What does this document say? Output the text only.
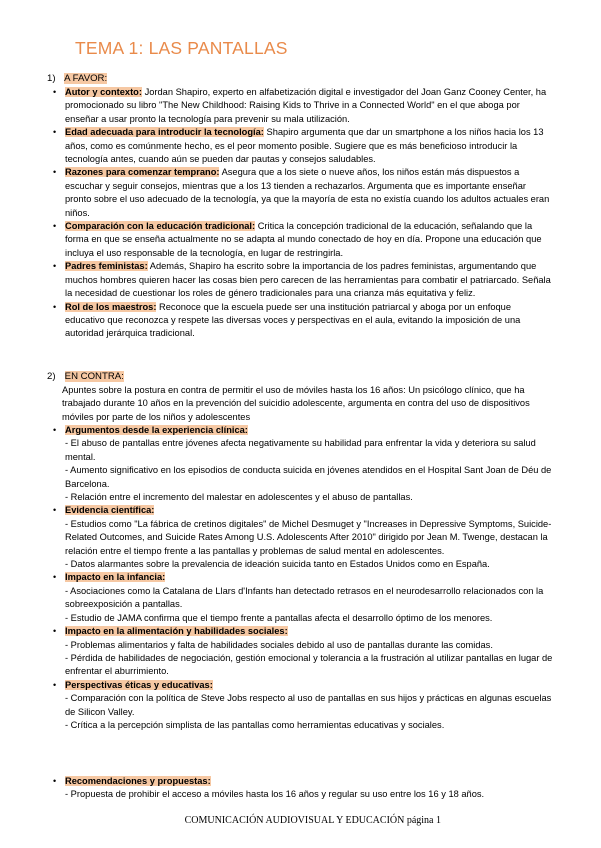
TEMA 1: LAS PANTALLAS
1) A FAVOR:

• Autor y contexto: Jordan Shapiro, experto en alfabetización digital e investigador del Joan Ganz Cooney Center, ha promocionado su libro "The New Childhood: Raising Kids to Thrive in a Connected World" en el que aboga por enseñar a usar pronto la tecnología para prevenir su mala utilización.

• Edad adecuada para introducir la tecnología: Shapiro argumenta que dar un smartphone a los niños hacia los 13 años, como es comúnmente hecho, es el peor momento posible. Sugiere que es más beneficioso introducir la tecnología antes, cuando aún se pueden dar pautas y consejos saludables.

• Razones para comenzar temprano: Asegura que a los siete o nueve años, los niños están más dispuestos a escuchar y seguir consejos, mientras que a los 13 tienden a rechazarlos. Argumenta que es importante enseñar pronto sobre el uso adecuado de la tecnología, ya que la mayoría de esta no existía cuando los adultos actuales eran niños.

• Comparación con la educación tradicional: Critica la concepción tradicional de la educación, señalando que la forma en que se enseña actualmente no se adapta al mundo conectado de hoy en día. Propone una educación que incluya el uso responsable de la tecnología, en lugar de restringirla.

• Padres feministas: Además, Shapiro ha escrito sobre la importancia de los padres feministas, argumentando que muchos hombres quieren hacer las cosas bien pero carecen de las herramientas para combatir el patriarcado. Señala la necesidad de cuestionar los roles de género tradicionales para una crianza más equitativa y feliz.

• Rol de los maestros: Reconoce que la escuela puede ser una institución patriarcal y aboga por un enfoque educativo que reconozca y respete las diversas voces y perspectivas en el aula, evitando la imposición de una autoridad jerárquica tradicional.

2) EN CONTRA:

Apuntes sobre la postura en contra de permitir el uso de móviles hasta los 16 años: Un psicólogo clínico, que ha trabajado durante 10 años en la prevención del suicidio adolescente, argumenta en contra del uso de dispositivos móviles por parte de los niños y adolescentes

• Argumentos desde la experiencia clínica:
- El abuso de pantallas entre jóvenes afecta negativamente su habilidad para enfrentar la vida y deteriora su salud mental.
- Aumento significativo en los episodios de conducta suicida en jóvenes atendidos en el Hospital Sant Joan de Déu de Barcelona.
- Relación entre el incremento del malestar en adolescentes y el abuso de pantallas.
• Evidencia científica:
- Estudios como "La fábrica de cretinos digitales" de Michel Desmuget y "Increases in Depressive Symptoms, Suicide-Related Outcomes, and Suicide Rates Among U.S. Adolescents After 2010" dirigido por Jean M. Twenge, destacan la relación entre el tiempo frente a las pantallas y problemas de salud mental en adolescentes.
- Datos alarmantes sobre la prevalencia de ideación suicida tanto en Estados Unidos como en España.
• Impacto en la infancia:
- Asociaciones como la Catalana de Llars d'Infants han detectado retrasos en el neurodesarrollo relacionados con la sobreexposición a pantallas.
- Estudio de JAMA confirma que el tiempo frente a pantallas afecta el desarrollo óptimo de los menores.
• Impacto en la alimentación y habilidades sociales:
- Problemas alimentarios y falta de habilidades sociales debido al uso de pantallas durante las comidas.
- Pérdida de habilidades de negociación, gestión emocional y tolerancia a la frustración al utilizar pantallas en lugar de enfrentar el aburrimiento.
• Perspectivas éticas y educativas:
- Comparación con la política de Steve Jobs respecto al uso de pantallas en sus hijos y prácticas en algunas escuelas de Silicon Valley.
- Crítica a la percepción simplista de las pantallas como herramientas educativas y sociales.
• Recomendaciones y propuestas:
- Propuesta de prohibir el acceso a móviles hasta los 16 años y regular su uso entre los 16 y 18 años.
COMUNICACIÓN AUDIOVISUAL Y EDUCACIÓN página 1
